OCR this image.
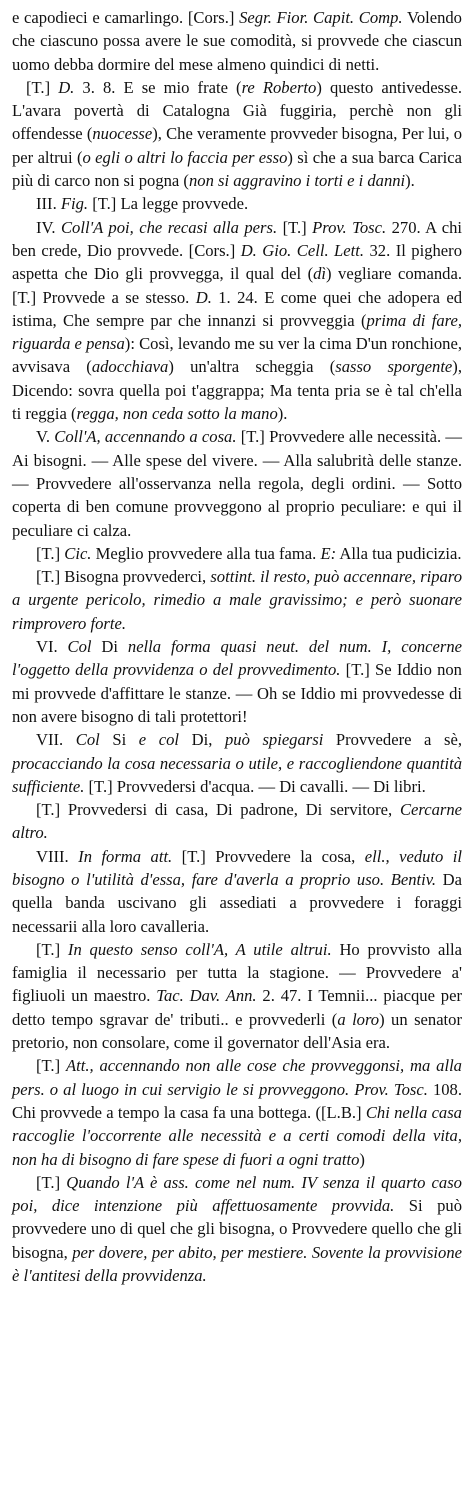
e capodieci e camarlingo. [Cors.] Segr. Fior. Capit. Comp. Volendo che ciascuno possa avere le sue comodità, si provvede che ciascun uomo debba dormire del mese almeno quindici di netti.

[T.] D. 3. 8. E se mio frate (re Roberto) questo antivedesse. L'avara povertà di Catalogna Già fuggiria, perchè non gli offendesse (nuocesse), Che veramente provveder bisogna, Per lui, o per altrui (o egli o altri lo faccia per esso) sì che a sua barca Carica più di carco non si pogna (non si aggravino i torti e i danni).

III. Fig. [T.] La legge provvede.

IV. Coll'A poi, che recasi alla pers. [T.] Prov. Tosc. 270. A chi ben crede, Dio provvede. [Cors.] D. Gio. Cell. Lett. 32. Il pighero aspetta che Dio gli provvegga, il qual del (dì) vegliare comanda. [T.] Provvede a se stesso. D. 1. 24. E come quei che adopera ed istima, Che sempre par che innanzi si provveggia (prima di fare, riguarda e pensa): Così, levando me su ver la cima D'un ronchione, avvisava (adocchiava) un'altra scheggia (sasso sporgente), Dicendo: sovra quella poi t'aggrappa; Ma tenta pria se è tal ch'ella ti reggia (regga, non ceda sotto la mano).

V. Coll'A, accennando a cosa. [T.] Provvedere alle necessità. — Ai bisogni. — Alle spese del vivere. — Alla salubrità delle stanze. — Provvedere all'osservanza nella regola, degli ordini. — Sotto coperta di ben comune provveggono al proprio peculiare: e qui il peculiare ci calza.

[T.] Cic. Meglio provvedere alla tua fama. E: Alla tua pudicizia.

[T.] Bisogna provvederci, sottint. il resto, può accennare, riparo a urgente pericolo, rimedio a male gravissimo; e però suonare rimprovero forte.

VI. Col Di nella forma quasi neut. del num. I, concerne l'oggetto della provvidenza o del provvedimento. [T.] Se Iddio non mi provvede d'affittare le stanze. — Oh se Iddio mi provvedesse di non avere bisogno di tali protettori!

VII. Col Si e col Di, può spiegarsi Provvedere a sè, procacciando la cosa necessaria o utile, e raccogliendone quantità sufficiente. [T.] Provvedersi d'acqua. — Di cavalli. — Di libri.

[T.] Provvedersi di casa, Di padrone, Di servitore, Cercarne altro.

VIII. In forma att. [T.] Provvedere la cosa, ell., veduto il bisogno o l'utilità d'essa, fare d'averla a proprio uso. Bentiv. Da quella banda uscivano gli assediati a provvedere i foraggi necessarii alla loro cavalleria.

[T.] In questo senso coll'A, A utile altrui. Ho provvisto alla famiglia il necessario per tutta la stagione. — Provvedere a' figliuoli un maestro. Tac. Dav. Ann. 2. 47. I Temnii... piacque per detto tempo sgravar de' tributi.. e provvederli (a loro) un senator pretorio, non consolare, come il governator dell'Asia era.

[T.] Att., accennando non alle cose che provveggonsi, ma alla pers. o al luogo in cui servigio le si provveggono. Prov. Tosc. 108. Chi provvede a tempo la casa fa una bottega. ([L.B.] Chi nella casa raccoglie l'occorrente alle necessità e a certi comodi della vita, non ha di bisogno di fare spese di fuori a ogni tratto)

[T.] Quando l'A è ass. come nel num. IV senza il quarto caso poi, dice intenzione più affettuosamente provvida. Si può provvedere uno di quel che gli bisogna, o Provvedere quello che gli bisogna, per dovere, per abito, per mestiere. Sovente la provvisione è l'antitesi della provvidenza.
